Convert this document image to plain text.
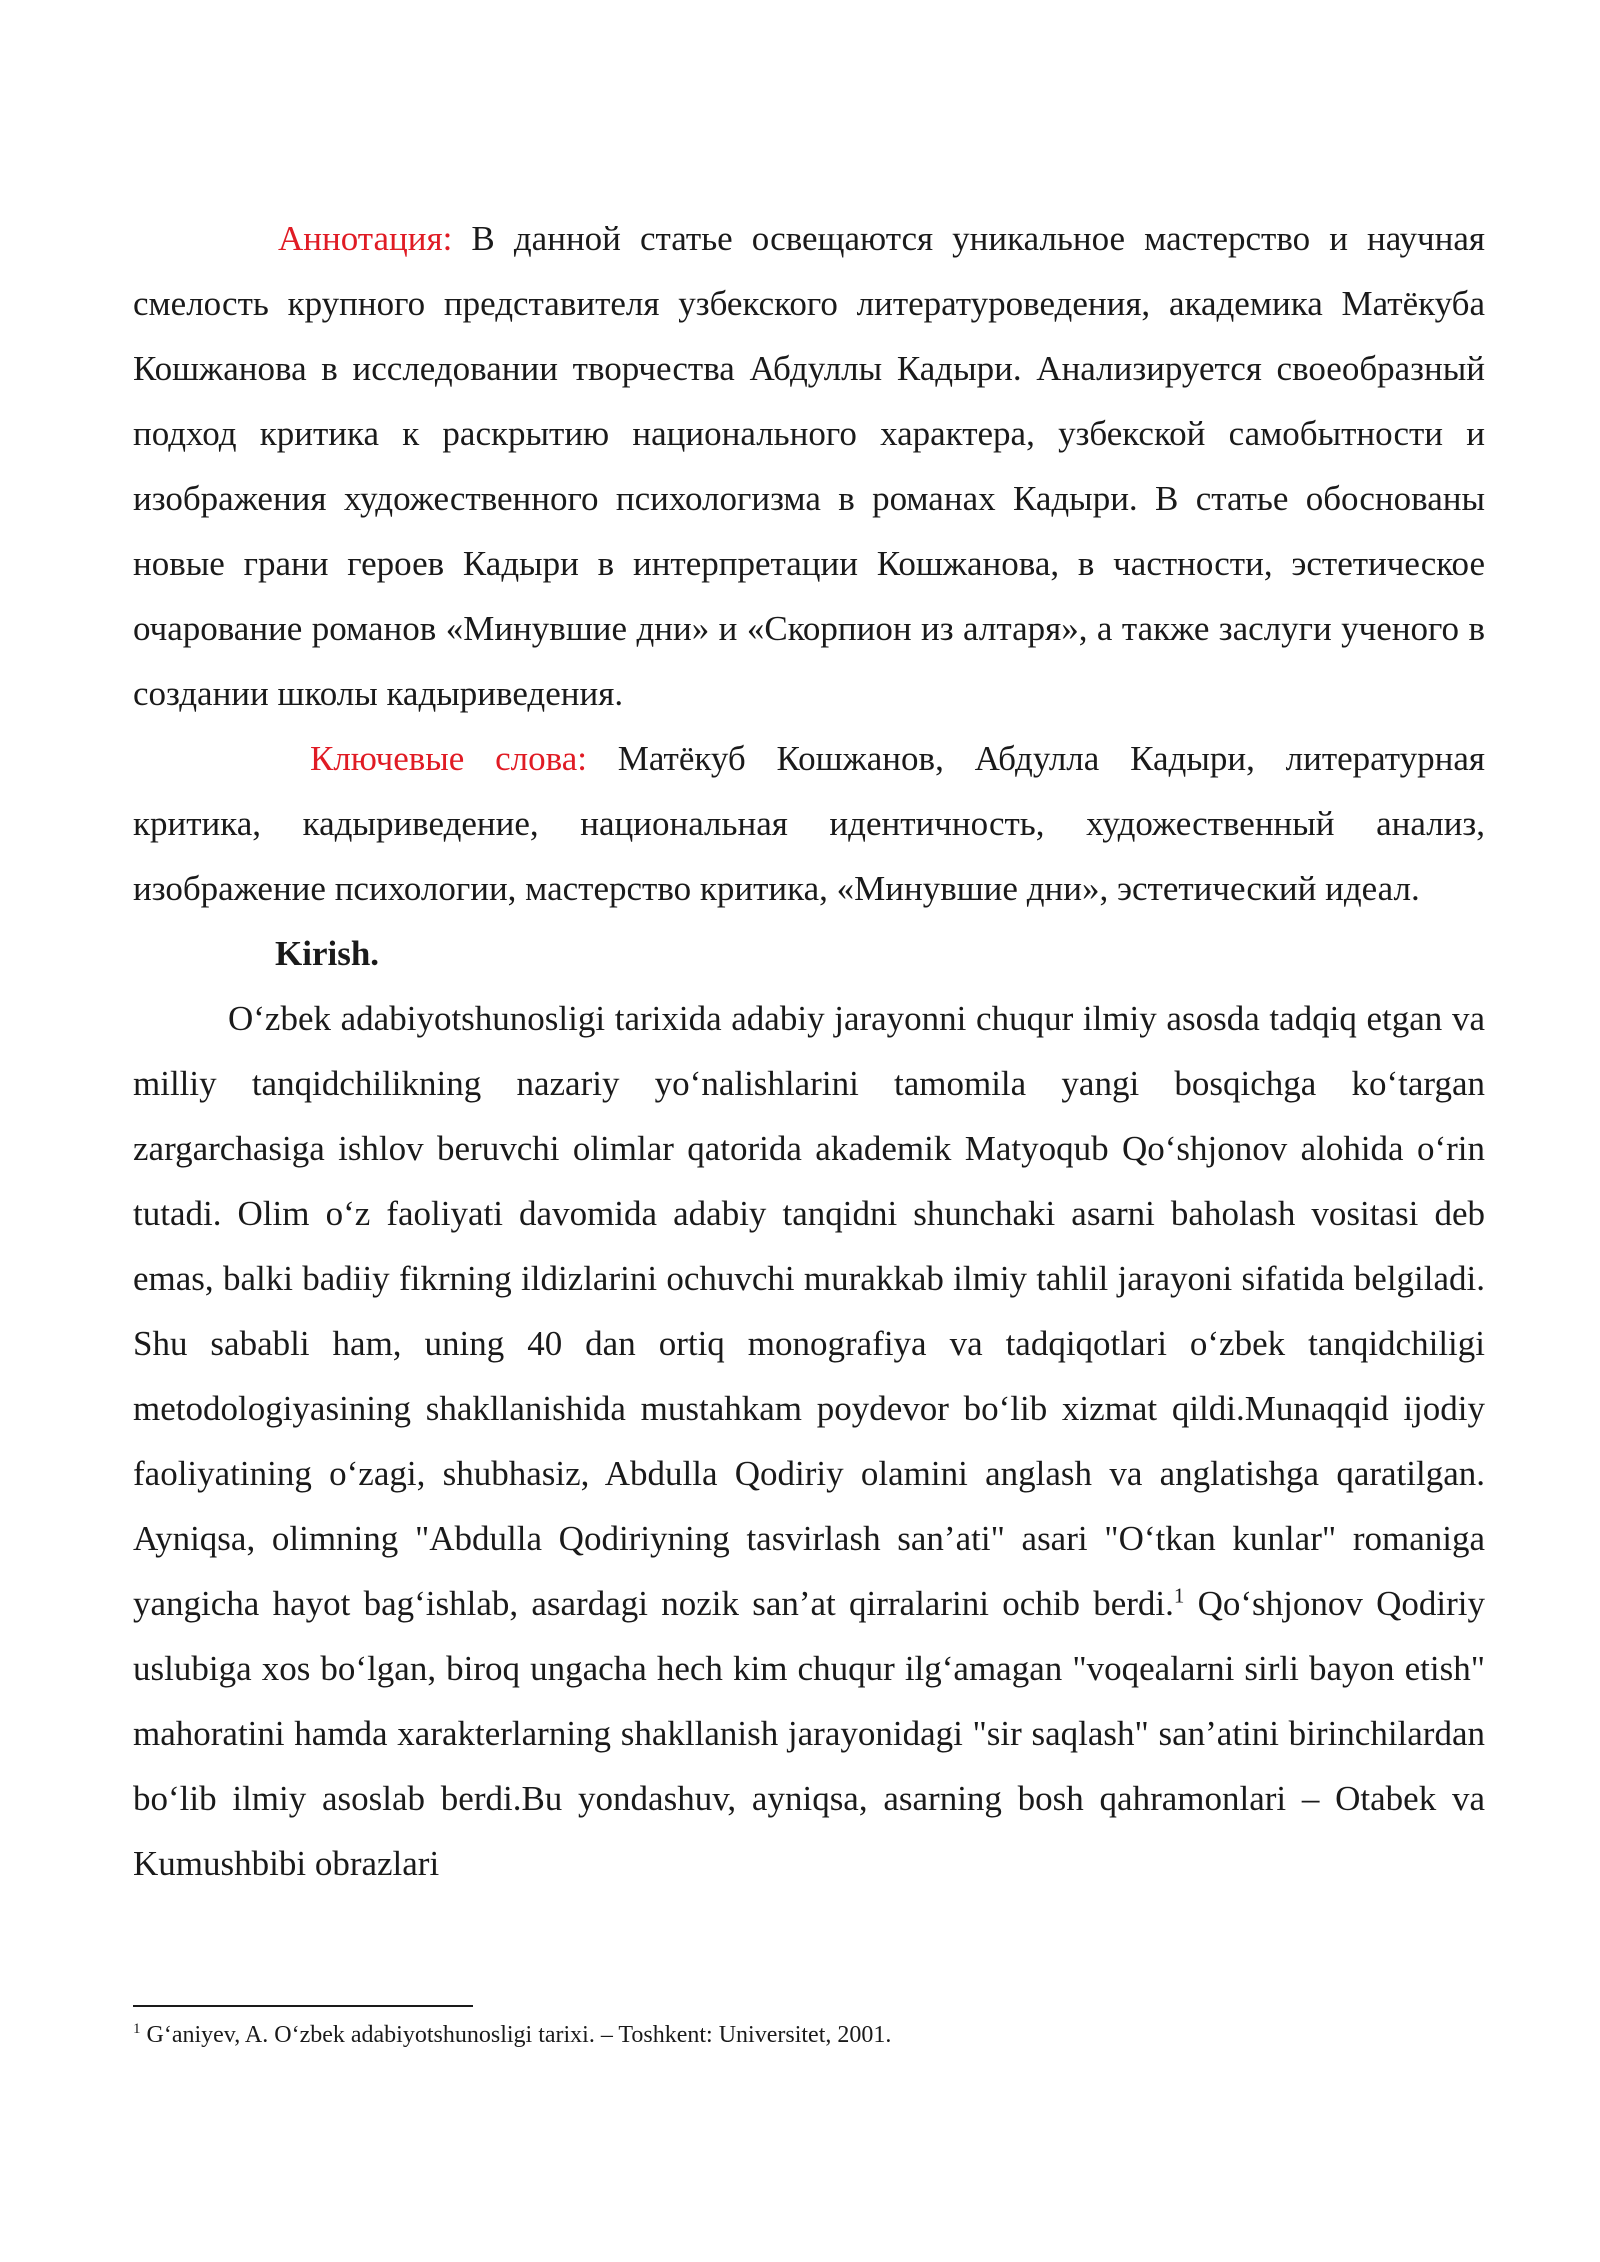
Аннотация: В данной статье освещаются уникальное мастерство и научная смелость крупного представителя узбекского литературоведения, академика Матёкуба Кошжанова в исследовании творчества Абдуллы Кадыри. Анализируется своеобразный подход критика к раскрытию национального характера, узбекской самобытности и изображения художественного психологизма в романах Кадыри. В статье обоснованы новые грани героев Кадыри в интерпретации Кошжанова, в частности, эстетическое очарование романов «Минувшие дни» и «Скорпион из алтаря», а также заслуги ученого в создании школы кадыриведения.

Ключевые слова: Матёкуб Кошжанов, Абдулла Кадыри, литературная критика, кадыриведение, национальная идентичность, художественный анализ, изображение психологии, мастерство критика, «Минувшие дни», эстетический идеал.

Kirish.

O‘zbek adabiyotshunosligi tarixida adabiy jarayonni chuqur ilmiy asosda tadqiq etgan va milliy tanqidchilikning nazariy yo‘nalishlarini tamomila yangi bosqichga ko‘targan zargarchasiga ishlov beruvchi olimlar qatorida akademik Matyoqub Qo‘shjonov alohida o‘rin tutadi. Olim o‘z faoliyati davomida adabiy tanqidni shunchaki asarni baholash vositasi deb emas, balki badiiy fikrning ildizlarini ochuvchi murakkab ilmiy tahlil jarayoni sifatida belgiladi. Shu sababli ham, uning 40 dan ortiq monografiya va tadqiqotlari o‘zbek tanqidchiligi metodologiyasining shakllanishida mustahkam poydevor bo‘lib xizmat qildi.Munaqqid ijodiy faoliyatining o‘zagi, shubhasiz, Abdulla Qodiriy olamini anglash va anglatishga qaratilgan. Ayniqsa, olimning "Abdulla Qodiriyning tasvirlash san’ati" asari "O‘tkan kunlar" romaniga yangicha hayot bag‘ishlab, asardagi nozik san’at qirralarini ochib berdi.$^1$ Qo‘shjonov Qodiriy uslubiga xos bo‘lgan, biroq ungacha hech kim chuqur ilg‘amagan "voqealarni sirli bayon etish" mahoratini hamda xarakterlarning shakllanish jarayonidagi "sir saqlash" san’atini birinchilardan bo‘lib ilmiy asoslab berdi.Bu yondashuv, ayniqsa, asarning bosh qahramonlari – Otabek va Kumushbibi obrazlari

$^1$ G‘aniyev, A. O‘zbek adabiyotshunosligi tarixi. – Toshkent: Universitet, 2001.
